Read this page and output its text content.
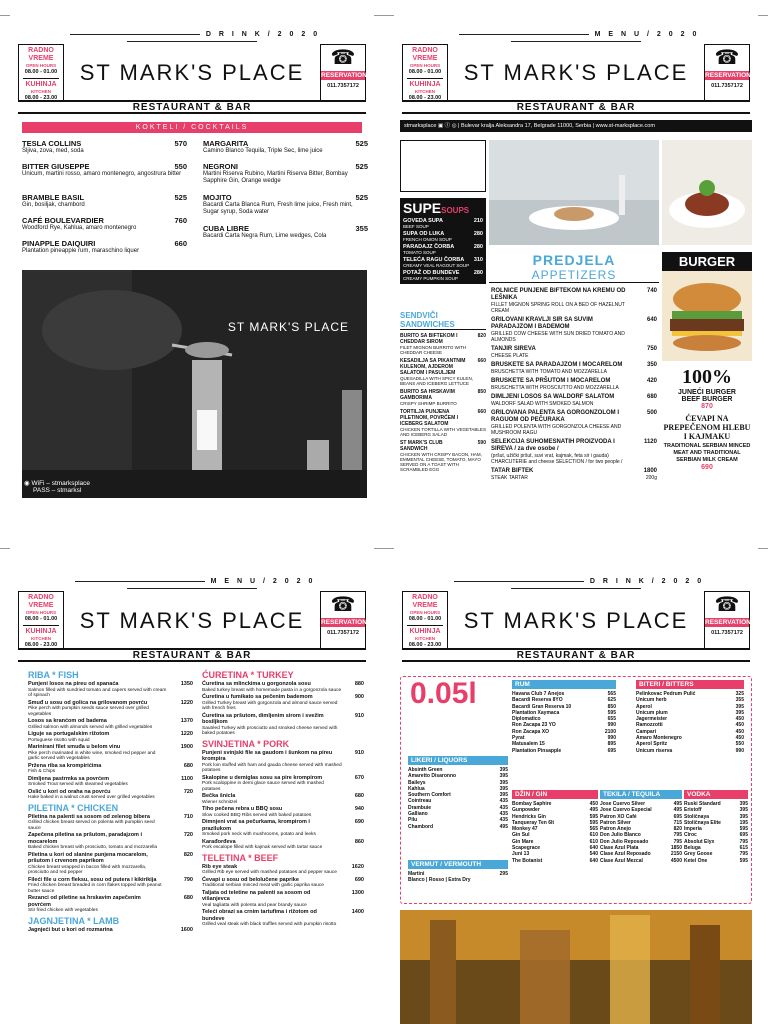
D R I N K / 2 0 2 0
RADNO VREME
OPEN HOURS
08.00 - 01.00
KUHINJA
KITCHEN
08.00 - 23.00
ST MARK'S PLACE
☎
RESERVATION
011.7357172
RESTAURANT & BAR
KOKTELI / COCKTAILS
TESLA COLLINS	570
Šljiva, zova, med, soda
BITTER GIUSEPPE	550
Unicum, martini rosso, amaro montenegro, angostrura bitter
BRAMBLE BASIL	525
Gin, bosiljak, chambord
CAFÉ BOULEVARDIER	760
Woodford Rye, Kahlua, amaro montenegro
PINAPPLE DAIQUIRI	660
Plantation pineapple rum, maraschino liquer
MARGARITA	525
Camino Blanco Tequila, Triple Sec, lime juice
NEGRONI	525
Martini Riserva Rubino, Martini Riserva Bitter, Bombay Sapphire Gin, Orange wedge
MOJITO	525
Bacardi Carta Blanca Rum, Fresh lime juice, Fresh mint, Sugar syrup, Soda water
CUBA LIBRE	355
Bacardi Carta Negra Rum, Lime wedges, Cola
ST MARK'S PLACE
◉ WiFi – stmarksplace
PASS – stmarksl
M E N U / 2 0 2 0
RADNO VREME
OPEN HOURS
08.00 - 01.00
KUHINJA
KITCHEN
08.00 - 23.00
ST MARK'S PLACE
☎
RESERVATION
011.7357172
RESTAURANT & BAR
stmarksplace ▣ ⓕ ◎ | Bulevar kralja Aleksandra 17, Belgrade 11000, Serbia | www.st-marksplace.com
SUPESOUPS
GOVEDA SUPA	210
BEEF SOUP
SUPA OD LUKA	280
FRENCH ONION SOUP
PARADAJZ ČORBA	280
TOMATO SOUP
TELEĆA RAGU ČORBA 310
CREAMY VEAL RAGOUT SOUP
POTAŽ OD BUNDEVE	280
CREAMY PUMPKIN SOUP
SENDVIČI
SANDWICHES
BURITO SA BIFTEKOM I CHEDDAR SIROM
820
FILET MIGNON BURRITO WITH CHEDDAR CHEESE
KESADILJA SA PIKANTNIM KULENOM, AJDEROM SALATOM I PASULJEM
660
QUESADILLA WITH SPICY KULEN, BEANS AND ICEBERG LETTUCE
BURITO SA HRSKAVIM GAMBORIMA
850
CRISPY SHRIMP BURRITO
TORTILJA PUNJENA PILETINOM, POVRĆEM I ICEBERG SALATOM
660
CHICKEN TORTILLA WITH VEGETABLES AND ICEBERG SALAD
ST MARK'S CLUB SANDWICH
590
CHICKEN WITH CRISPY BACON, HAM, EMMENTAL CHEESE, TOMATO, MAYO SERVED ON A TOAST WITH SCRAMBLED EGG
PREDJELA
APPETIZERS
ROLNICE PUNJENE BIFTEKOM NA KREMU OD LEŠNIKA
740
FILLET MIGNON SPRING ROLL ON A BED OF HAZELNUT CREAM
GRILOVANI KRAVLJI SIR SA SUVIM PARADAJZOM I BADEMOM
640
GRILLED COW CHEESE WITH SUN DRIED TOMATO AND ALMONDS
TANJIR SIREVA	750
CHEESE PLATE
BRUSKETE SA PARADAJZOM I MOCARELOM	350
BRUSCHETTA WITH TOMATO AND MOZZARELLA
BRUSKETE SA PRŠUTOM I MOCARELOM	420
BRUSCHETTA WITH PROSCIUTTO AND MOZZARELLA
DIMLJENI LOSOS SA WALDORF SALATOM	680
WALDORF SALAD WITH SMOKED SALMON
GRILOVANA PALENTA SA GORGONZOLOM I RAGUOM OD PEČURAKA
500
GRILLED POLENTA WITH GORGONZOLA CHEESE AND MUSHROOM RAGU
SELEKCIJA SUHOMESNATIH PROIZVODA I SIREVA / za dve osobe /
1120
(pršut, užički pršut, suvi vrat, kajmak, feta sir i gauda) CHARCUTERIE and cheese SELECTION / for two people /
TATAR BIFTEK	1800
STEAK TARTAR	200g
BURGER
100%
JUNEĆI BURGER
BEEF BURGER
870
ĆEVAPI NA PREPEČENOM HLEBU I KAJMAKU
TRADITIONAL SERBIAN MINCED MEAT AND TRADITIONAL SERBIAN MILK CREAM
690
M E N U / 2 0 2 0
RADNO VREME
OPEN HOURS
08.00 - 01.00
KUHINJA
KITCHEN
08.00 - 23.00
ST MARK'S PLACE
☎
RESERVATION
011.7357172
RESTAURANT & BAR
RIBA * FISH
Punjeni losos na pireu od spanaća	1350
Salmon filled with sundried tomato and capers served with cream of spinach
Smuđ u sosu od golica na grilovanom povrću	1220
Pike perch with pumpkin seeds sauce served over grilled vegetables
Losos sa kranćom od badema	1370
Grilled salmon with almonds served with grilled vegetables
Liguje sa portugalskim rižotom	1220
Portuguese risotto with squid
Marinirani filet smuđa u belom vinu	1900
Pike perch marinated in white wine, smoked red pepper and garlic served with vegetables
Pržena riba sa krompirićima	680
Fish & Chips
Dimljena pastrmka sa povrćem	1100
Smoked Trout served with steamed vegetables
Oslić u kori od oraha na povrću	720
Hake baked in a walnut crust served over grilled vegetables
PILETINA * CHICKEN
Piletina na palenti sa sosom od zelenog bibera	710
Grilled chicken breast served on polenta with pumpkin seed sauce
Zapečena piletina sa pršutom, paradajzom i mocarelom
720
Baked chicken breast with prosciutto, tomato and mozzarella
Piletina u kori od slanine punjena mocarelom, pršutom i crvenom paprikom
820
Chicken breast wrapped in bacon filled with mozzarella, prosciutto and red pepper
Fileći file u corn fleksu, sosu od putera i kikirikija	790
Fried chicken breast breaded in corn flakes topped with peanut butter sauce
Rezanci od piletine sa hrskavim zapečenim povrćem
680
Stir fried chicken with vegetables
JAGNJETINA * LAMB
Jagnjeći but u kori od rozmarina	1600
ĆURETINA * TURKEY
Ćuretina sa mlinckima u gorgonzola sosu	880
Baked turkey breast with homemade pasta in a gorgonzola sauce
Ćuretina u fumikato sa pečenim bademom	900
Grilled Turkey breast with gorgonzola and almond sauce served with french fries
Ćuretina sa pršutom, dimljenim sirom i svežim bosiljkom
910
Sautéed Turkey with prosciutto and smoked cheese served with baked potatoes
SVINJETINA * PORK
Punjeni svinjski file sa gaudom i šunkom na pireu krompira
910
Pork loin stuffed with ham and gauda cheese served with mashed potatoes
Skalopine u demiglas sosu sa pire krompirom	670
Pork scaloppine in demi glace sauce served with mashed potatoes
Bečka šnicla	680
Wiener schnitzel
Tiho pečena rebra u BBQ sosu	940
Slow cooked BBQ Ribs served with baked potatoes
Dimnjeni vrat sa pečurkama, krompirom i prazilukom
690
Smoked pork neck with mushrooms, potato and leeks
Karađorđeva	860
Pork escalope filled with kajmak served with tartar sauce
TELETINA * BEEF
Rib eye steak	1620
Grilled Rib eye served with mashed potatoes and pepper sauce
Ćevapi u sosu od belolučene paprike	690
Traditional serbian minced meat with garlic paprika sauce
Taljata od teletine na palenti sa sosom od višanjevca
1300
Veal tagliatta with polenta and pear brandy sauce
Teleći obrazi sa crnim tartufima i rižotom od bundeve
1400
Grilled veal steak with black truffles served with pumpkin risotto
D R I N K / 2 0 2 0
RADNO VREME
OPEN HOURS
08.00 - 01.00
KUHINJA
KITCHEN
08.00 - 23.00
ST MARK'S PLACE
☎
RESERVATION
011.7357172
RESTAURANT & BAR
0.05l	RUM
Havana Club 7 Anejos	565
Bacardi Reserva 8YO	625
Bacardi Gran Reserva 10	850
Plantation Xaymaca	595
Diplomatico	655
Ron Zacapa 23 YO	990
Ron Zacapa XO	2100
Pyrat	990
Matusalem 15	895
Plantation Pinsapple	695
BITERI / BITTERS
Pelinkovac Pedrum Pulić	325
Unicum herb	355
Aperol	395
Unicum plum	395
Jagermeister	450
Ramozzotti	450
Campari	450
Amaro Montenegro	450
Aperol Spritz	550
Unicum riserva	990
LIKERI / LIQUORS
Absinth Green	395
Amaretto Disaronno	395
Baileys	395
Kahlua	395
Southern Comfort	395
Cointreau	435
Drambuie	435
Galliano	435
Pilu	435
Chambord	495
VERMUT / VERMOUTH
Martini	295
Blanco | Rosso | Extra Dry
DŽIN / GIN
Bombay Saphire	450
Gunpowder	495
Hendricks Gin	595
Tanqueray Ten 6lt	595
Monkey 47	565
Gin Sul	610
Gin Mare	610
Scapegrace	640
Juni 13	540
The Botanist	640
TEKILA / TEQUILA
Jose Cuervo Silver	495
Jose Cuervo Especial	495
Patron XO Café	695
Patron Silver	715
Patron Anejo	820
Don Julio Blanco	795
Don Julio Reposado	795
Clase Azul Plata	1850
Clase Azul Reposado	2150
Clase Azul Mezcal	4500
VODKA
Ruski Standard	395
Eristoff	395
Stoličnaya	395
Stoličnaya Elite	195
Imperia	595
Cîroc	695
Absolut Elyx	795
Beluga	615
Grey Goose	795
Ketel One	595
